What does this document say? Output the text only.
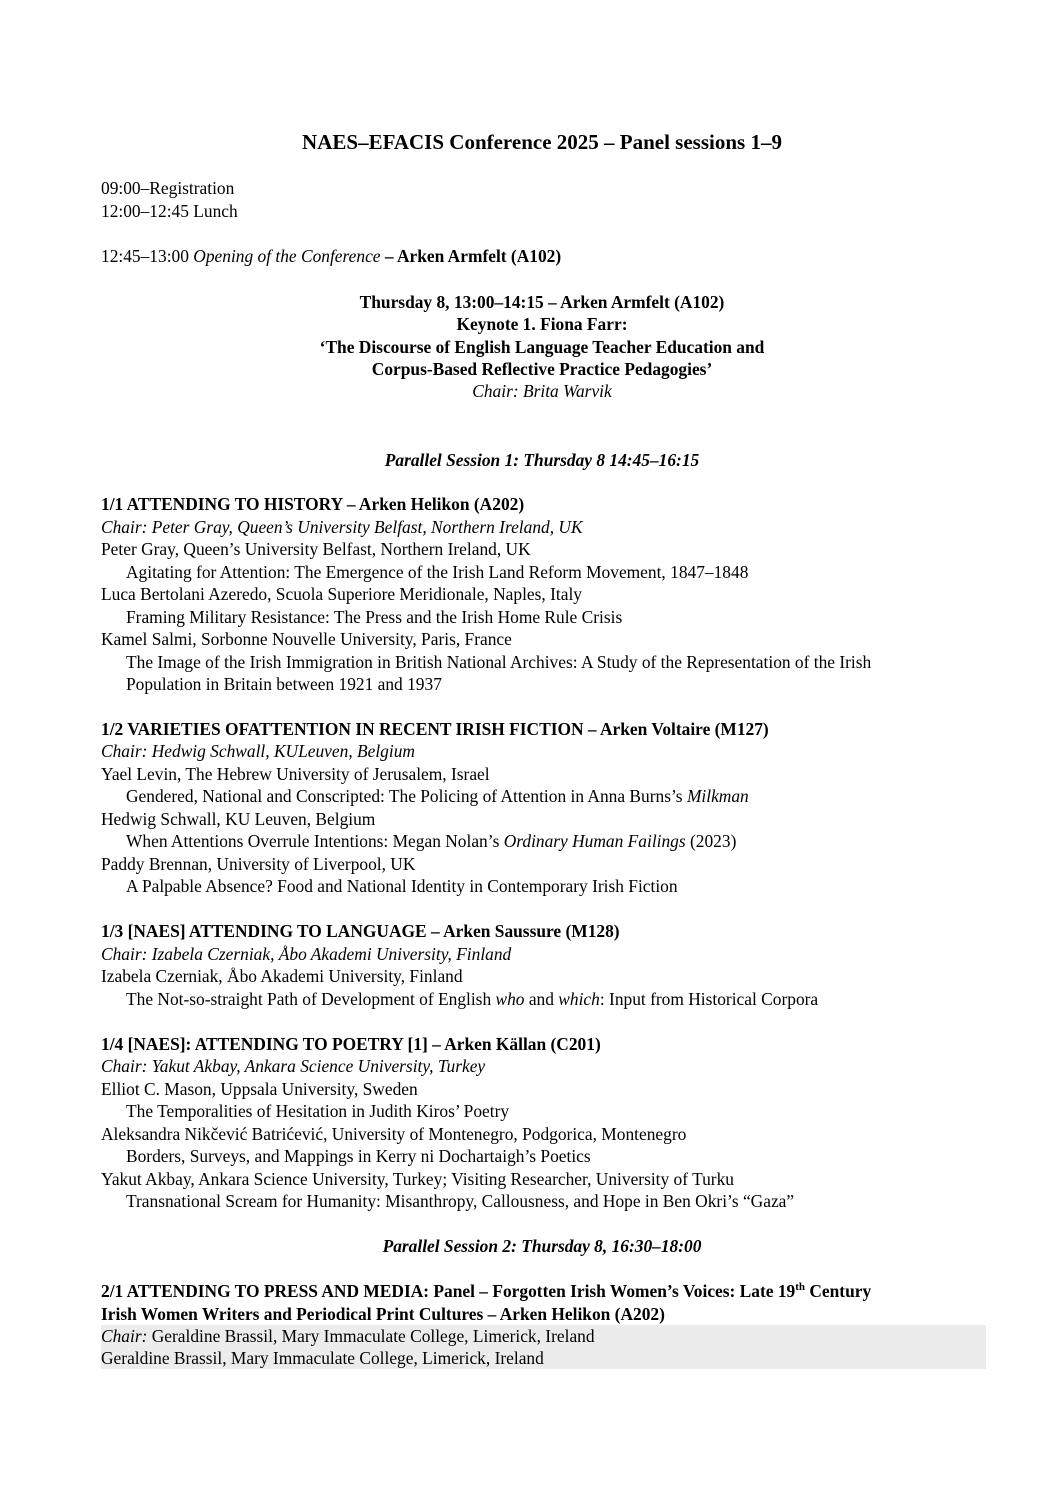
NAES–EFACIS Conference 2025 – Panel sessions 1–9
09:00–Registration
12:00–12:45 Lunch
12:45–13:00 Opening of the Conference – Arken Armfelt (A102)
Thursday 8, 13:00–14:15 – Arken Armfelt (A102)
Keynote 1. Fiona Farr:
‘The Discourse of English Language Teacher Education and
Corpus-Based Reflective Practice Pedagogies’
Chair: Brita Warvik
Parallel Session 1: Thursday 8 14:45–16:15
1/1 ATTENDING TO HISTORY – Arken Helikon (A202)
Chair: Peter Gray, Queen’s University Belfast, Northern Ireland, UK
Peter Gray, Queen’s University Belfast, Northern Ireland, UK
Agitating for Attention: The Emergence of the Irish Land Reform Movement, 1847–1848
Luca Bertolani Azeredo, Scuola Superiore Meridionale, Naples, Italy
Framing Military Resistance: The Press and the Irish Home Rule Crisis
Kamel Salmi, Sorbonne Nouvelle University, Paris, France
The Image of the Irish Immigration in British National Archives: A Study of the Representation of the Irish
Population in Britain between 1921 and 1937
1/2 VARIETIES OFATTENTION IN RECENT IRISH FICTION – Arken Voltaire (M127)
Chair: Hedwig Schwall, KULeuven, Belgium
Yael Levin, The Hebrew University of Jerusalem, Israel
Gendered, National and Conscripted: The Policing of Attention in Anna Burns’s Milkman
Hedwig Schwall, KU Leuven, Belgium
When Attentions Overrule Intentions: Megan Nolan’s Ordinary Human Failings (2023)
Paddy Brennan, University of Liverpool, UK
A Palpable Absence? Food and National Identity in Contemporary Irish Fiction
1/3 [NAES] ATTENDING TO LANGUAGE – Arken Saussure (M128)
Chair: Izabela Czerniak, Åbo Akademi University, Finland
Izabela Czerniak, Åbo Akademi University, Finland
The Not-so-straight Path of Development of English who and which: Input from Historical Corpora
1/4 [NAES]: ATTENDING TO POETRY [1] – Arken Källan (C201)
Chair: Yakut Akbay, Ankara Science University, Turkey
Elliot C. Mason, Uppsala University, Sweden
The Temporalities of Hesitation in Judith Kiros’ Poetry
Aleksandra Nikčević Batrićević, University of Montenegro, Podgorica, Montenegro
Borders, Surveys, and Mappings in Kerry ni Dochartaigh’s Poetics
Yakut Akbay, Ankara Science University, Turkey; Visiting Researcher, University of Turku
Transnational Scream for Humanity: Misanthropy, Callousness, and Hope in Ben Okri’s “Gaza”
Parallel Session 2: Thursday 8, 16:30–18:00
2/1 ATTENDING TO PRESS AND MEDIA: Panel – Forgotten Irish Women’s Voices: Late 19th Century
Irish Women Writers and Periodical Print Cultures – Arken Helikon (A202)
Chair: Geraldine Brassil, Mary Immaculate College, Limerick, Ireland
Geraldine Brassil, Mary Immaculate College, Limerick, Ireland
